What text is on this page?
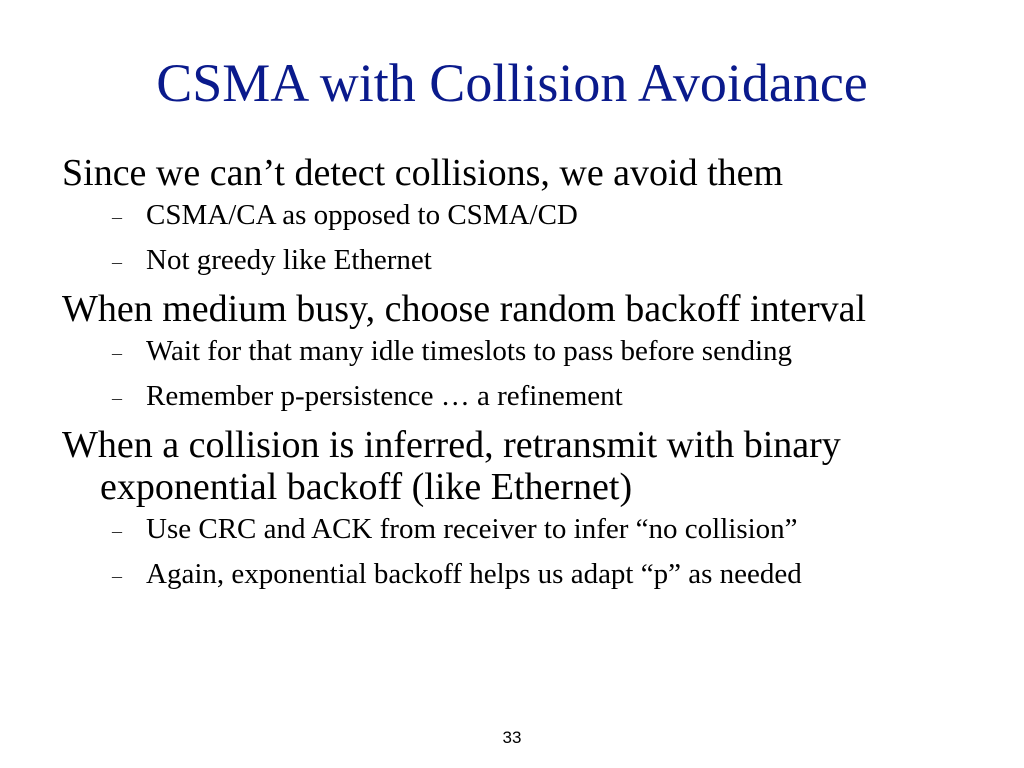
CSMA with Collision Avoidance
Since we can’t detect collisions, we avoid them
– CSMA/CA as opposed to CSMA/CD
– Not greedy like Ethernet
When medium busy, choose random backoff interval
– Wait for that many idle timeslots to pass before sending
– Remember p-persistence … a refinement
When a collision is inferred, retransmit with binary exponential backoff (like Ethernet)
– Use CRC and ACK from receiver to infer “no collision”
– Again, exponential backoff helps us adapt “p” as needed
33
